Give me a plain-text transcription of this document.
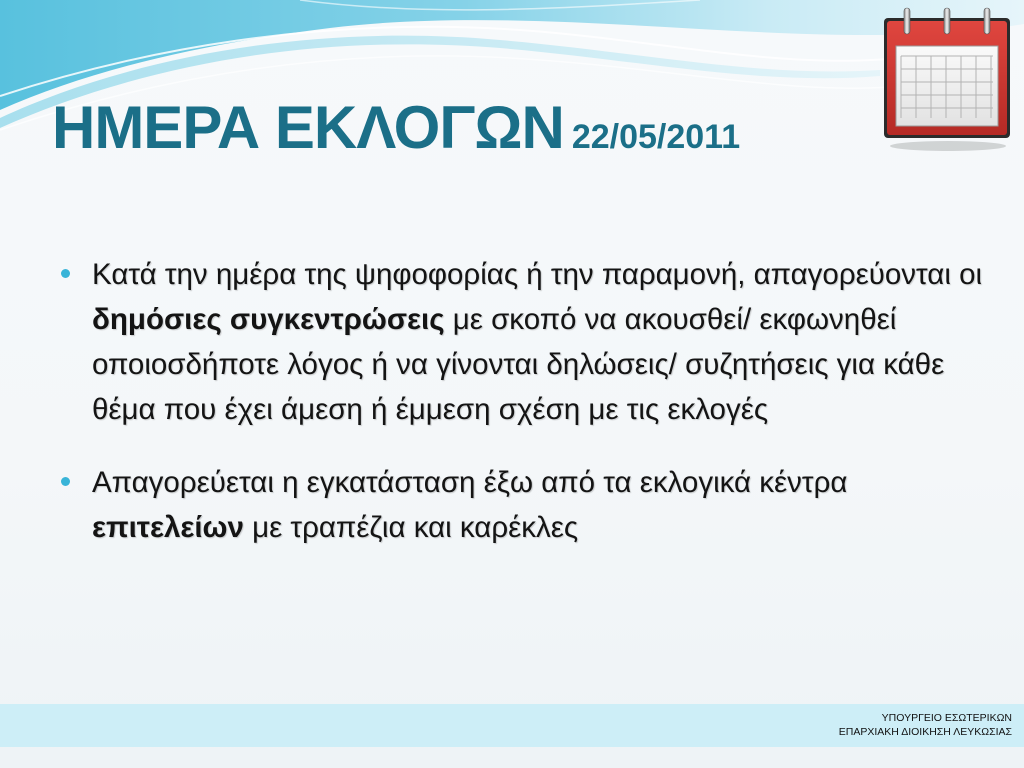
ΗΜΕΡΑ ΕΚΛΟΓΩΝ 22/05/2011
Κατά την ημέρα της ψηφοφορίας ή την παραμονή, απαγορεύονται οι δημόσιες συγκεντρώσεις με σκοπό να ακουσθεί/ εκφωνηθεί οποιοσδήποτε λόγος ή να γίνονται δηλώσεις/ συζητήσεις για κάθε θέμα που έχει άμεση ή έμμεση σχέση με τις εκλογές
Απαγορεύεται η εγκατάσταση έξω από τα εκλογικά κέντρα επιτελείων με τραπέζια και καρέκλες
ΥΠΟΥΡΓΕΙΟ ΕΣΩΤΕΡΙΚΩΝ
ΕΠΑΡΧΙΑΚΗ ΔΙΟΙΚΗΣΗ ΛΕΥΚΩΣΙΑΣ
